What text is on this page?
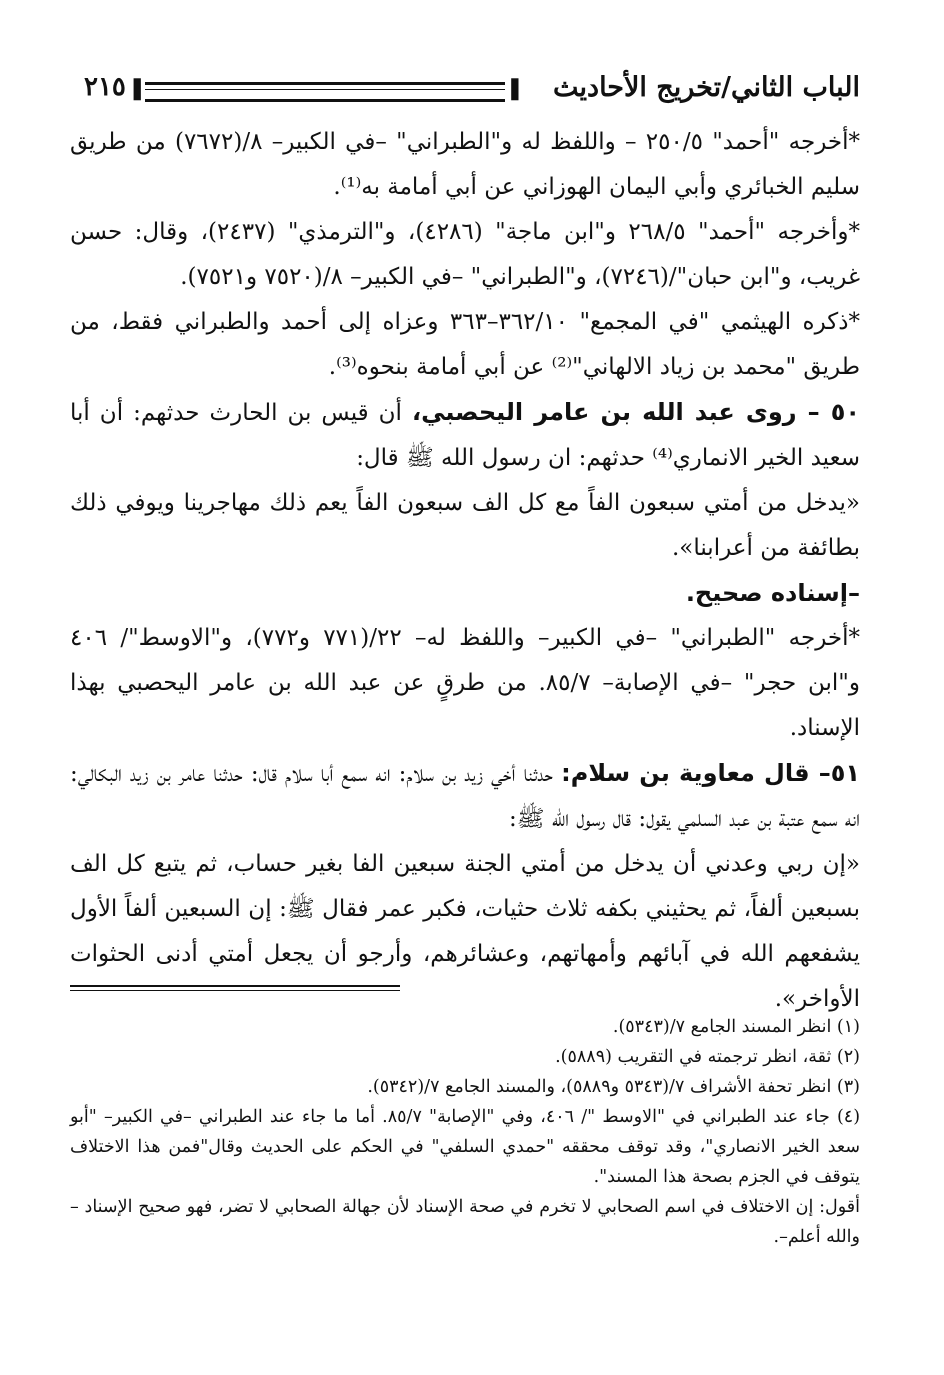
الباب الثاني/تخريج الأحاديث
❚	❚
٢١٥

*أخرجه "أحمد" ٢٥٠/٥ – واللفظ له و"الطبراني" –في الكبير– ٨/(٧٦٧٢) من طريق سليم الخبائري وأبي اليمان الهوزاني عن أبي أمامة به⁽¹⁾.

*وأخرجه "أحمد" ٢٦٨/٥ و"ابن ماجة" (٤٢٨٦)، و"الترمذي" (٢٤٣٧)، وقال: حسن غريب، و"ابن حبان"/(٧٢٤٦)، و"الطبراني" –في الكبير– ٨/(٧٥٢٠ و٧٥٢١).

*ذكره الهيثمي "في المجمع" ٣٦٢/١٠–٣٦٣ وعزاه إلى أحمد والطبراني فقط، من طريق "محمد بن زياد الالهاني"⁽²⁾ عن أبي أمامة بنحوه⁽³⁾.

٥٠ – روى عبد الله بن عامر اليحصبي، أن قيس بن الحارث حدثهم: أن أبا سعيد الخير الانماري⁽⁴⁾ حدثهم: ان رسول الله ﷺ قال:

«يدخل من أمتي سبعون الفاً مع كل الف سبعون الفاً يعم ذلك مهاجرينا ويوفي ذلك بطائفة من أعرابنا».

–إسناده صحيح.

*أخرجه "الطبراني" –في الكبير– واللفظ له– ٢٢/(٧٧١ و٧٧٢)، و"الاوسط"/ ٤٠٦ و"ابن حجر" –في الإصابة– ٨٥/٧. من طرقٍ عن عبد الله بن عامر اليحصبي بهذا الإسناد.

٥١– قال معاوية بن سلام: حدثنا أخي زيد بن سلام: انه سمع أبا سلام قال: حدثنا عامر بن زيد البكالي: انه سمع عتبة بن عبد السلمي يقول: قال رسول الله ﷺ:

«إن ربي وعدني أن يدخل من أمتي الجنة سبعين الفا بغير حساب، ثم يتبع كل الف بسبعين ألفاً، ثم يحثيني بكفه ثلاث حثيات، فكبر عمر فقال ﷺ: إن السبعين ألفاً الأول يشفعهم الله في آبائهم وأمهاتهم، وعشائرهم، وأرجو أن يجعل أمتي أدنى الحثوات الأواخر».

(١) انظر المسند الجامع ٧/(٥٣٤٣).

(٢) ثقة، انظر ترجمته في التقريب (٥٨٨٩).

(٣) انظر تحفة الأشراف ٧/(٥٣٤٣ و٥٨٨٩)، والمسند الجامع ٧/(٥٣٤٢).

(٤) جاء عند الطبراني في "الاوسط "/ ٤٠٦، وفي "الإصابة" ٨٥/٧. أما ما جاء عند الطبراني –في الكبير– "أبو سعد الخير الانصاري"، وقد توقف محققه "حمدي السلفي" في الحكم على الحديث وقال"فمن هذا الاختلاف يتوقف في الجزم بصحة هذا المسند".

أقول: إن الاختلاف في اسم الصحابي لا تخرم في صحة الإسناد لأن جهالة الصحابي لا تضر، فهو صحيح الإسناد –والله أعلم–.
